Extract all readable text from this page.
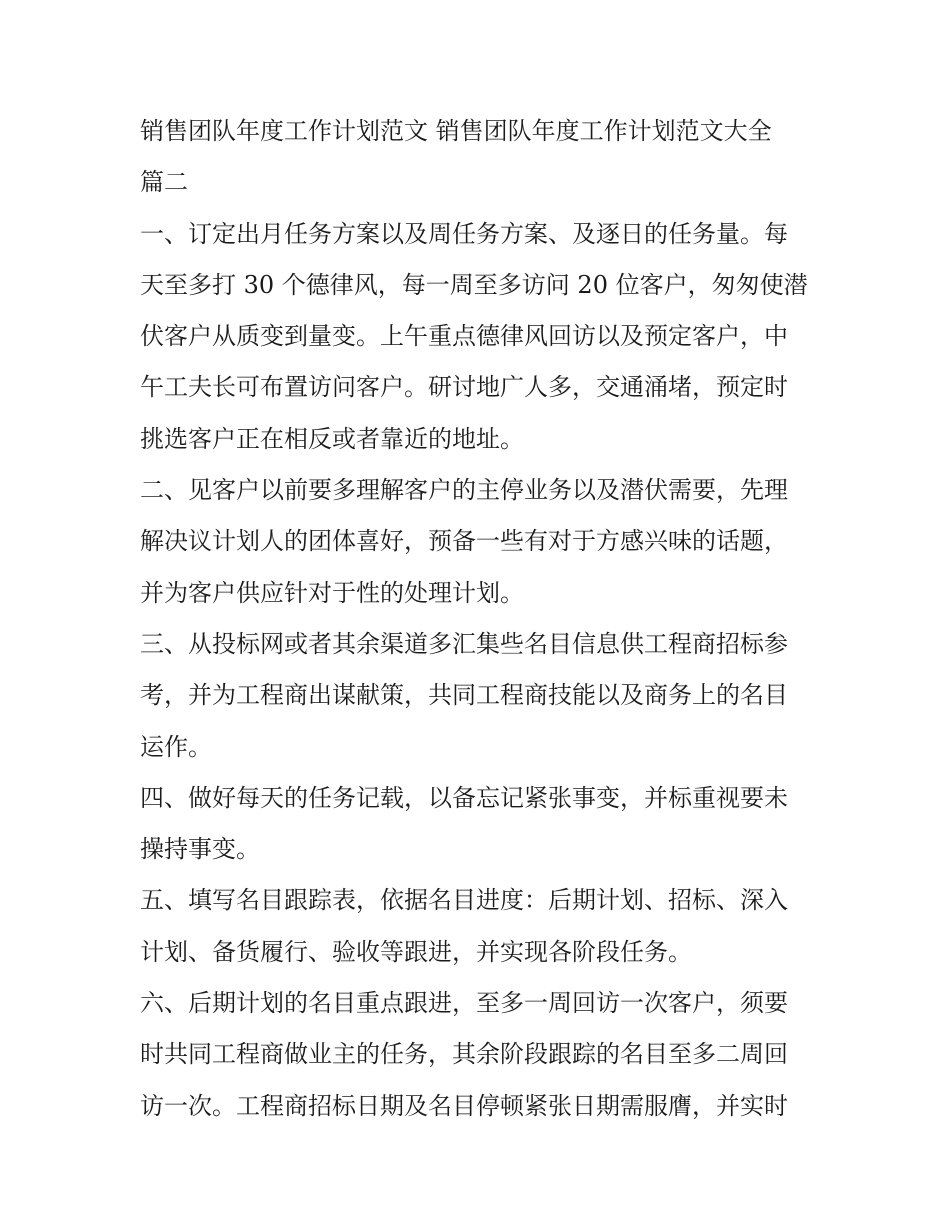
销售团队年度工作计划范文 销售团队年度工作计划范文大全
篇二
一、订定出月任务方案以及周任务方案、及逐日的任务量。每
天至多打 30 个德律风，每一周至多访问 20 位客户，匆匆使潜
伏客户从质变到量变。上午重点德律风回访以及预定客户，中
午工夫长可布置访问客户。研讨地广人多，交通涌堵，预定时
挑选客户正在相反或者靠近的地址。
二、见客户以前要多理解客户的主停业务以及潜伏需要，先理
解决议计划人的团体喜好，预备一些有对于方感兴味的话题，
并为客户供应针对于性的处理计划。
三、从投标网或者其余渠道多汇集些名目信息供工程商招标参
考，并为工程商出谋献策，共同工程商技能以及商务上的名目
运作。
四、做好每天的任务记载，以备忘记紧张事变，并标重视要未
操持事变。
五、填写名目跟踪表，依据名目进度：后期计划、招标、深入
计划、备货履行、验收等跟进，并实现各阶段任务。
六、后期计划的名目重点跟进，至多一周回访一次客户，须要
时共同工程商做业主的任务，其余阶段跟踪的名目至多二周回
访一次。工程商招标日期及名目停顿紧张日期需服膺，并实时
